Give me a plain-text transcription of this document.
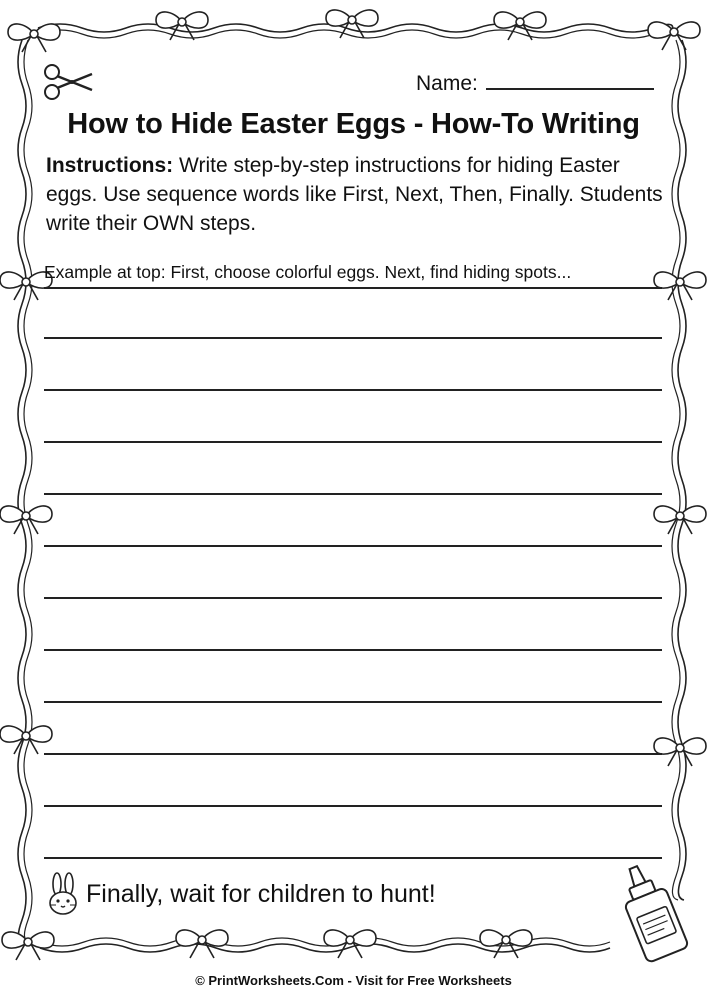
Name:
How to Hide Easter Eggs - How-To Writing
Instructions: Write step-by-step instructions for hiding Easter eggs. Use sequence words like First, Next, Then, Finally. Students write their OWN steps.
Example at top: First, choose colorful eggs. Next, find hiding spots...
Finally, wait for children to hunt!
© PrintWorksheets.Com - Visit for Free Worksheets
